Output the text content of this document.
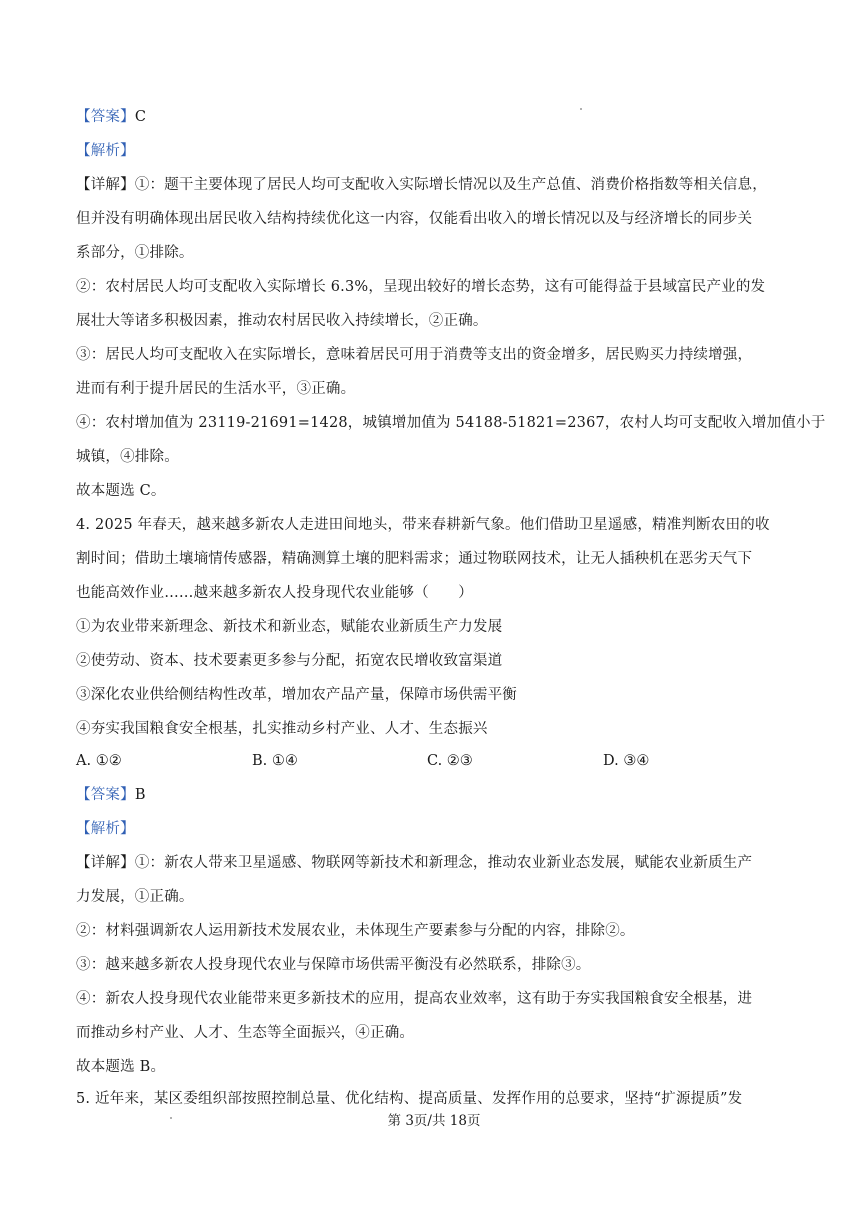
【答案】C
【解析】
【详解】①：题干主要体现了居民人均可支配收入实际增长情况以及生产总值、消费价格指数等相关信息，
但并没有明确体现出居民收入结构持续优化这一内容，仅能看出收入的增长情况以及与经济增长的同步关
系部分，①排除。
②：农村居民人均可支配收入实际增长 6.3%，呈现出较好的增长态势，这有可能得益于县域富民产业的发
展壮大等诸多积极因素，推动农村居民收入持续增长，②正确。
③：居民人均可支配收入在实际增长，意味着居民可用于消费等支出的资金增多，居民购买力持续增强，
进而有利于提升居民的生活水平，③正确。
④：农村增加值为 23119-21691=1428，城镇增加值为 54188-51821=2367，农村人均可支配收入增加值小于
城镇，④排除。
故本题选 C。
4. 2025 年春天，越来越多新农人走进田间地头，带来春耕新气象。他们借助卫星遥感，精准判断农田的收
割时间；借助土壤墒情传感器，精确测算土壤的肥料需求；通过物联网技术，让无人插秧机在恶劣天气下
也能高效作业……越来越多新农人投身现代农业能够（　　）
①为农业带来新理念、新技术和新业态，赋能农业新质生产力发展
②使劳动、资本、技术要素更多参与分配，拓宽农民增收致富渠道
③深化农业供给侧结构性改革，增加农产品产量，保障市场供需平衡
④夯实我国粮食安全根基，扎实推动乡村产业、人才、生态振兴
A. ①②	B. ①④	C. ②③	D. ③④
【答案】B
【解析】
【详解】①：新农人带来卫星遥感、物联网等新技术和新理念，推动农业新业态发展，赋能农业新质生产
力发展，①正确。
②：材料强调新农人运用新技术发展农业，未体现生产要素参与分配的内容，排除②。
③：越来越多新农人投身现代农业与保障市场供需平衡没有必然联系，排除③。
④：新农人投身现代农业能带来更多新技术的应用，提高农业效率，这有助于夯实我国粮食安全根基，进
而推动乡村产业、人才、生态等全面振兴，④正确。
故本题选 B。
5. 近年来，某区委组织部按照控制总量、优化结构、提高质量、发挥作用的总要求，坚持“扩源提质”发
第 3页/共 18页
